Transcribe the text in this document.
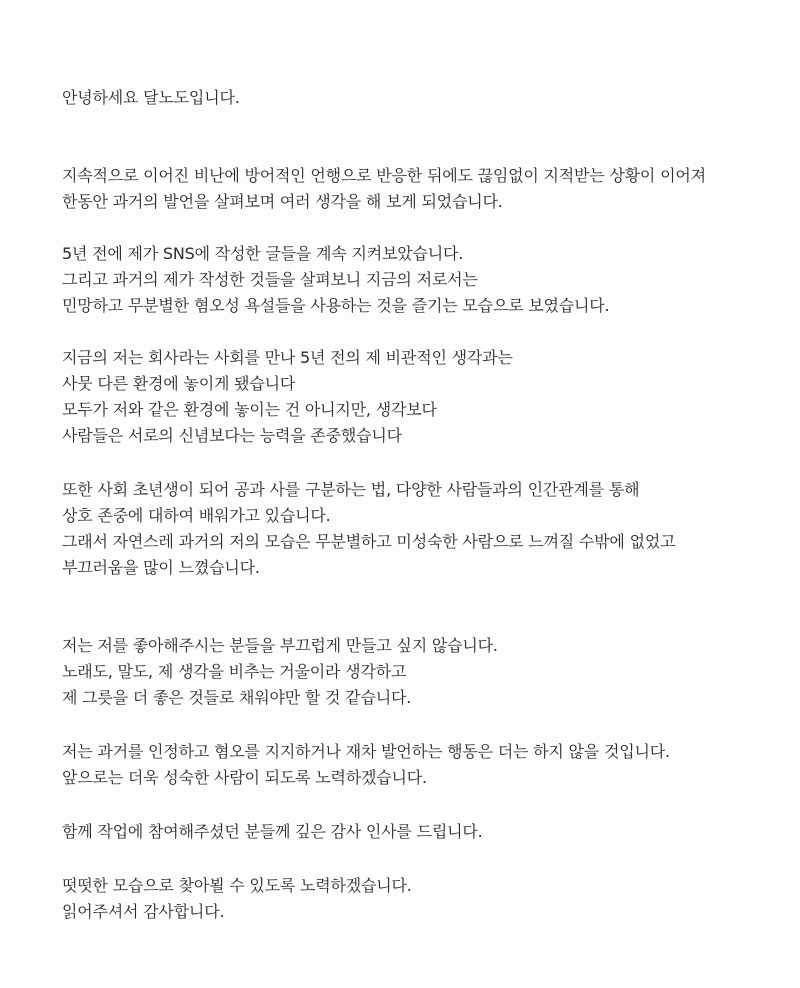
안녕하세요 달노도입니다.

지속적으로 이어진 비난에 방어적인 언행으로 반응한 뒤에도 끊임없이 지적받는 상황이 이어져

한동안 과거의 발언을 살펴보며 여러 생각을 해 보게 되었습니다.

5년 전에 제가 SNS에 작성한 글들을 계속 지켜보았습니다.

그리고 과거의 제가 작성한 것들을 살펴보니 지금의 저로서는

민망하고 무분별한 혐오성 욕설들을 사용하는 것을 즐기는 모습으로 보였습니다.

지금의 저는 회사라는 사회를 만나 5년 전의 제 비관적인 생각과는

사뭇 다른 환경에 놓이게 됐습니다

모두가 저와 같은 환경에 놓이는 건 아니지만, 생각보다

사람들은 서로의 신념보다는 능력을 존중했습니다

또한 사회 초년생이 되어 공과 사를 구분하는 법, 다양한 사람들과의 인간관계를 통해

상호 존중에 대하여 배워가고 있습니다.

그래서 자연스레 과거의 저의 모습은 무분별하고 미성숙한 사람으로 느껴질 수밖에 없었고

부끄러움을 많이 느꼈습니다.

저는 저를 좋아해주시는 분들을 부끄럽게 만들고 싶지 않습니다.

노래도, 말도, 제 생각을 비추는 거울이라 생각하고

제 그릇을 더 좋은 것들로 채워야만 할 것 같습니다.

저는 과거를 인정하고 혐오를 지지하거나 재차 발언하는 행동은 더는 하지 않을 것입니다.

앞으로는 더욱 성숙한 사람이 되도록 노력하겠습니다.

함께 작업에 참여해주셨던 분들께 깊은 감사 인사를 드립니다.

떳떳한 모습으로 찾아뵐 수 있도록 노력하겠습니다.

읽어주셔서 감사합니다.
